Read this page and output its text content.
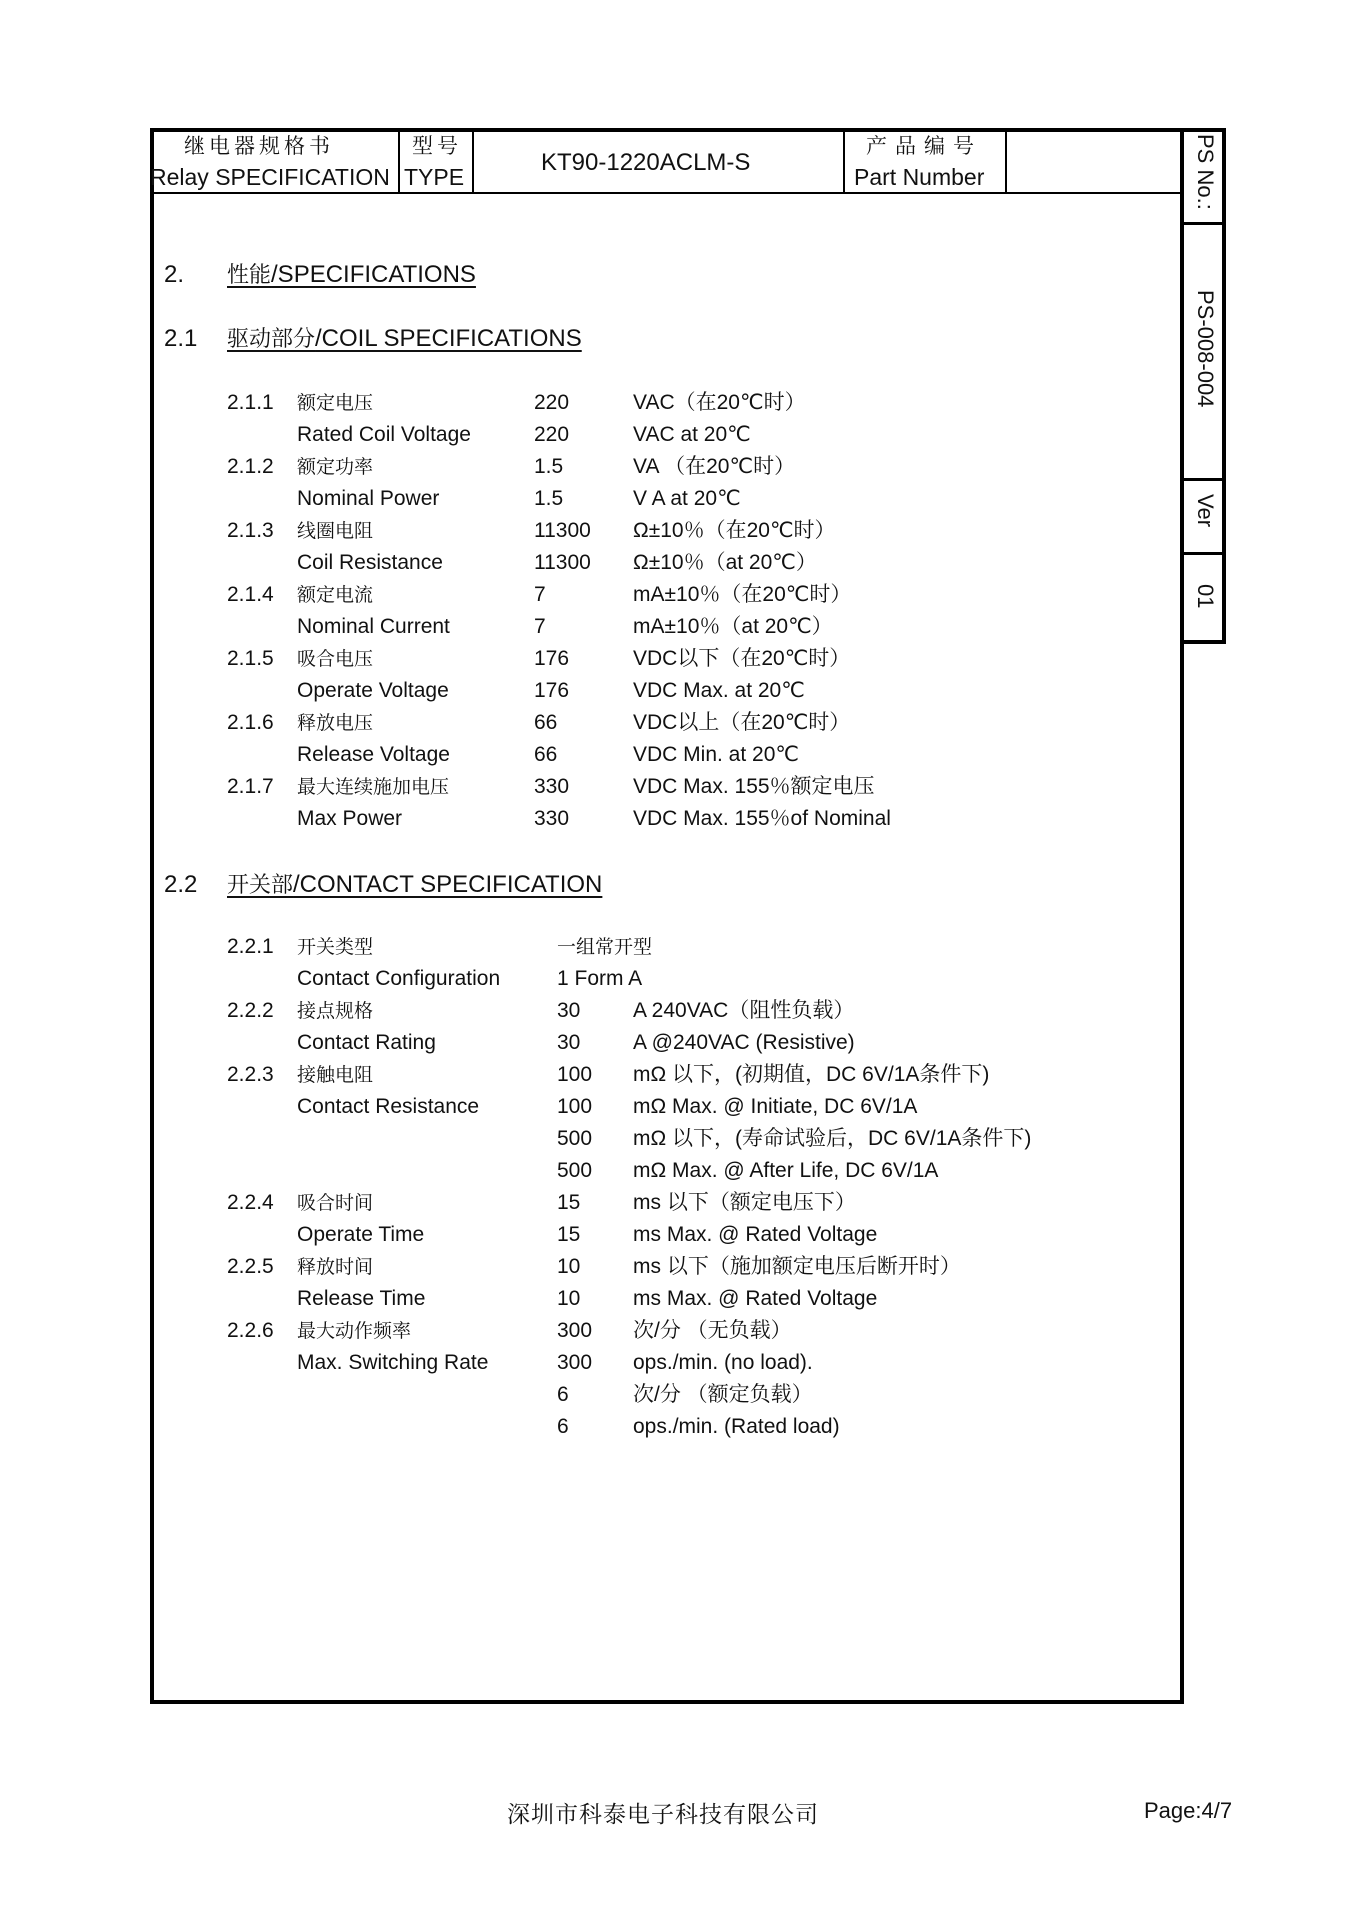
继电器规格书
Relay SPECIFICATION
型号
TYPE
KT90-1220ACLM-S
产品编号
Part Number	PS No.:
PS-008-004
Ver
01
2. 性能/SPECIFICATIONS
2.1 驱动部分/COIL SPECIFICATIONS
2.1.1 额定电压	220	VAC（在20℃时）
Rated Coil Voltage	220	VAC at 20℃
2.1.2 额定功率	1.5	VA （在20℃时）
Nominal Power	1.5	V A at 20℃
2.1.3 线圈电阻	11300 Ω±10％（在20℃时）
Coil Resistance	11300 Ω±10％（at 20℃）
2.1.4 额定电流	7	mA±10％（在20℃时）
Nominal Current	7	mA±10％（at 20℃）
2.1.5 吸合电压	176	VDC以下（在20℃时）
Operate Voltage	176	VDC Max. at 20℃
2.1.6 释放电压	66	VDC以上（在20℃时）
Release Voltage	66	VDC Min. at 20℃
2.1.7 最大连续施加电压	330	VDC Max. 155％额定电压
Max Power	330	VDC Max. 155％of Nominal
2.2 开关部/CONTACT SPECIFICATION
2.2.1 开关类型	一组常开型
Contact Configuration	1 Form A
2.2.2 接点规格	30	A 240VAC（阻性负载）
Contact Rating	30	A @240VAC (Resistive)
2.2.3 接触电阻	100 mΩ 以下，(初期值，DC 6V/1A条件下)
Contact Resistance	100 mΩ Max. @ Initiate, DC 6V/1A
500 mΩ 以下，(寿命试验后，DC 6V/1A条件下)
500 mΩ Max. @ After Life, DC 6V/1A
2.2.4 吸合时间	15	ms 以下（额定电压下）
Operate Time	15	ms Max. @ Rated Voltage
2.2.5 释放时间	10	ms 以下（施加额定电压后断开时）
Release Time	10	ms Max. @ Rated Voltage
2.2.6 最大动作频率	300 次/分 （无负载）
Max. Switching Rate	300 ops./min. (no load).
6	次/分 （额定负载）
6	ops./min. (Rated load)
深圳市科泰电子科技有限公司	Page:4/7
